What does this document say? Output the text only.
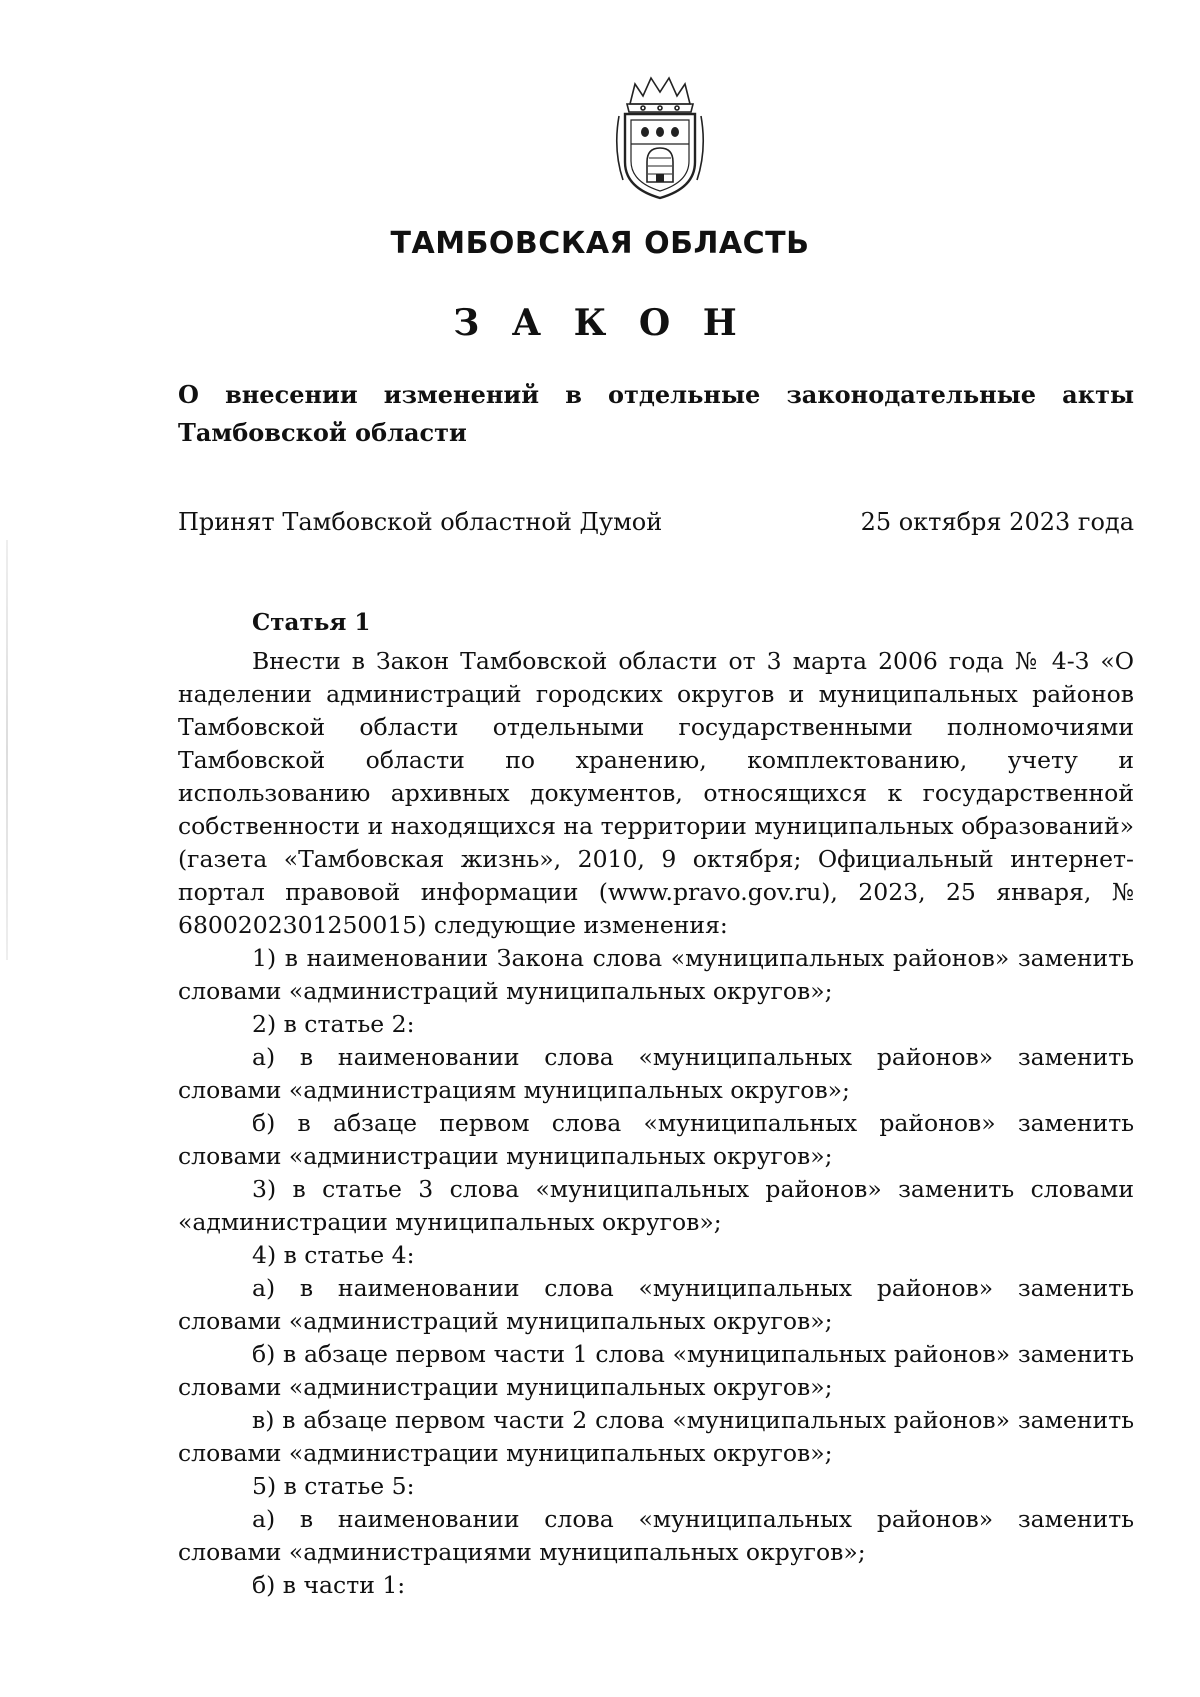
ТАМБОВСКАЯ ОБЛАСТЬ
З А К О Н
О внесении изменений в отдельные законодательные акты Тамбовской области
Принят Тамбовской областной Думой	25 октября 2023 года
Статья 1

Внести в Закон Тамбовской области от 3 марта 2006 года № 4-З «О наделении администраций городских округов и муниципальных районов Тамбовской области отдельными государственными полномочиями Тамбовской области по хранению, комплектованию, учету и использованию архивных документов, относящихся к государственной собственности и находящихся на территории муниципальных образований» (газета «Тамбовская жизнь», 2010, 9 октября; Официальный интернет-портал правовой информации (www.pravo.gov.ru), 2023, 25 января, № 6800202301250015) следующие изменения:

1) в наименовании Закона слова «муниципальных районов» заменить словами «администраций муниципальных округов»;

2) в статье 2:

а) в наименовании слова «муниципальных районов» заменить словами «администрациям муниципальных округов»;

б) в абзаце первом слова «муниципальных районов» заменить словами «администрации муниципальных округов»;

3) в статье 3 слова «муниципальных районов» заменить словами «администрации муниципальных округов»;

4) в статье 4:

а) в наименовании слова «муниципальных районов» заменить словами «администраций муниципальных округов»;

б) в абзаце первом части 1 слова «муниципальных районов» заменить словами «администрации муниципальных округов»;

в) в абзаце первом части 2 слова «муниципальных районов» заменить словами «администрации муниципальных округов»;

5) в статье 5:

а) в наименовании слова «муниципальных районов» заменить словами «администрациями муниципальных округов»;

б) в части 1:
